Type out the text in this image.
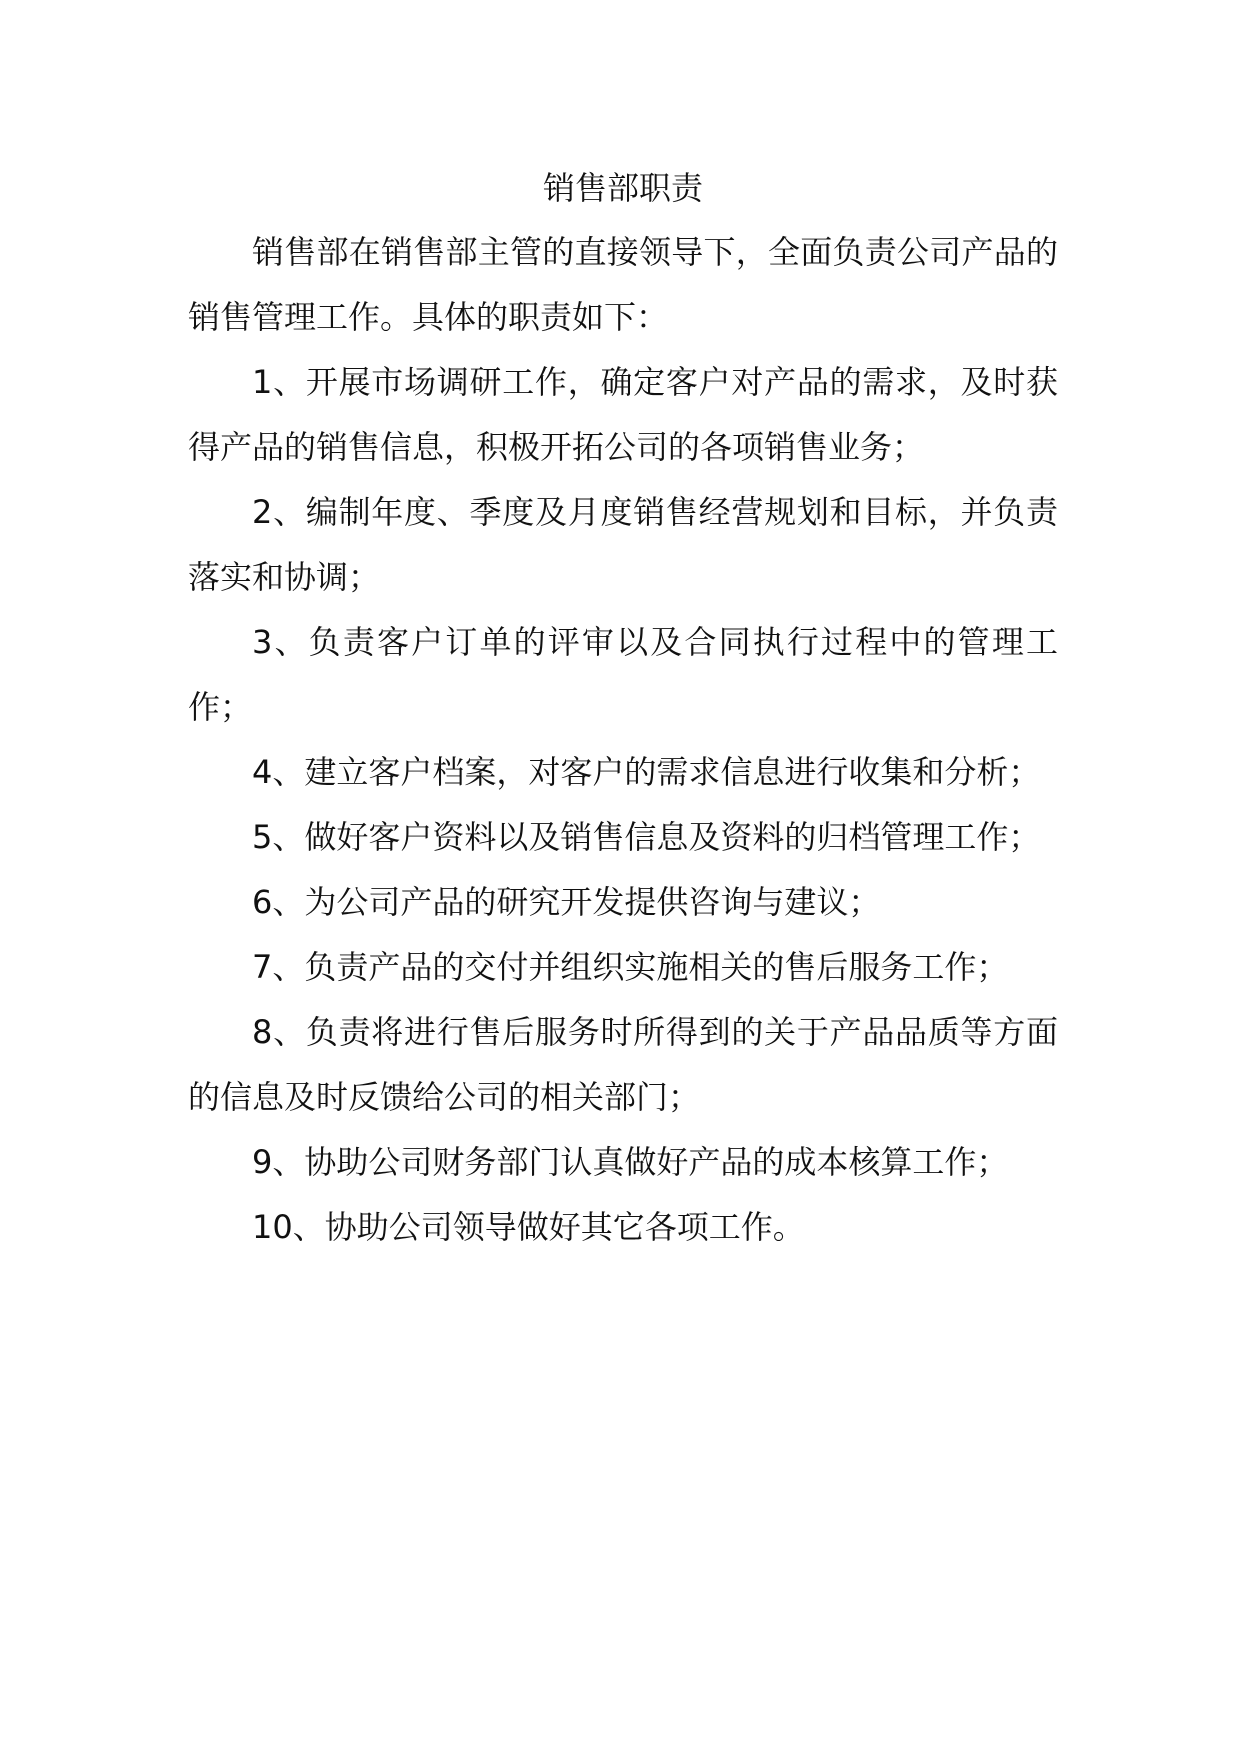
销售部职责

销售部在销售部主管的直接领导下，全面负责公司产品的销售管理工作。具体的职责如下：

1、开展市场调研工作，确定客户对产品的需求，及时获得产品的销售信息，积极开拓公司的各项销售业务；

2、编制年度、季度及月度销售经营规划和目标，并负责落实和协调；

3、负责客户订单的评审以及合同执行过程中的管理工作；

4、建立客户档案，对客户的需求信息进行收集和分析；

5、做好客户资料以及销售信息及资料的归档管理工作；

6、为公司产品的研究开发提供咨询与建议；

7、负责产品的交付并组织实施相关的售后服务工作；

8、负责将进行售后服务时所得到的关于产品品质等方面的信息及时反馈给公司的相关部门；

9、协助公司财务部门认真做好产品的成本核算工作；

10、协助公司领导做好其它各项工作。
